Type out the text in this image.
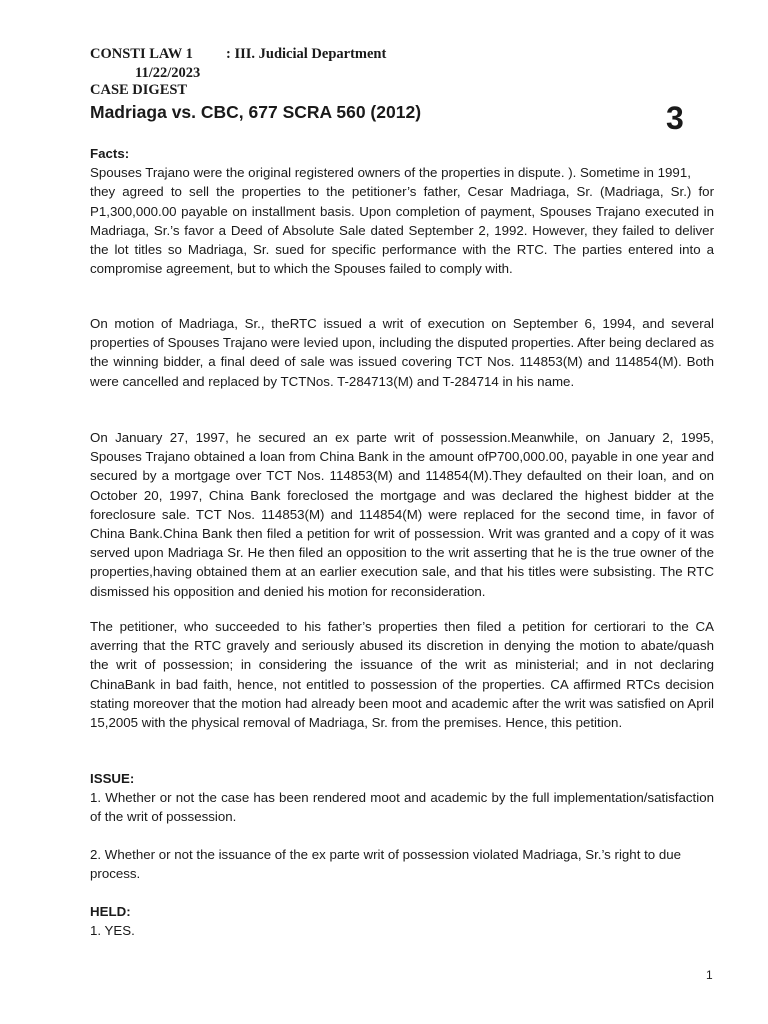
CONSTI LAW 1 : III. Judicial Department
11/22/2023
CASE DIGEST
Madriaga vs. CBC, 677 SCRA 560 (2012)	3

Facts:

Spouses Trajano were the original registered owners of the properties in dispute. ). Sometime in 1991,

they agreed to sell the properties to the petitioner’s father, Cesar Madriaga, Sr. (Madriaga, Sr.) for P1,300,000.00 payable on installment basis. Upon completion of payment, Spouses Trajano executed in Madriaga, Sr.’s favor a Deed of Absolute Sale dated September 2, 1992. However, they failed to deliver the lot titles so Madriaga, Sr. sued for specific performance with the RTC. The parties entered into a compromise agreement, but to which the Spouses failed to comply with.

On motion of Madriaga, Sr., theRTC issued a writ of execution on September 6, 1994, and several properties of Spouses Trajano were levied upon, including the disputed properties. After being declared as the winning bidder, a final deed of sale was issued covering TCT Nos. 114853(M) and 114854(M). Both were cancelled and replaced by TCTNos. T-284713(M) and T-284714 in his name.
On January 27, 1997, he secured an ex parte writ of possession.Meanwhile, on January 2, 1995, Spouses Trajano obtained a loan from China Bank in the amount ofP700,000.00, payable in one year and secured by a mortgage over TCT Nos. 114853(M) and 114854(M).They defaulted on their loan, and on October 20, 1997, China Bank foreclosed the mortgage and was declared the highest bidder at the foreclosure sale. TCT Nos. 114853(M) and 114854(M) were replaced for the second time, in favor of China Bank.China Bank then filed a petition for writ of possession. Writ was granted and a copy of it was served upon Madriaga Sr. He then filed an opposition to the writ asserting that he is the true owner of the properties,having obtained them at an earlier execution sale, and that his titles were subsisting. The RTC dismissed his opposition and denied his motion for reconsideration.
The petitioner, who succeeded to his father’s properties then filed a petition for certiorari to the CA averring that the RTC gravely and seriously abused its discretion in denying the motion to abate/quash the writ of possession; in considering the issuance of the writ as ministerial; and in not declaring ChinaBank in bad faith, hence, not entitled to possession of the properties. CA affirmed RTCs decision stating moreover that the motion had already been moot and academic after the writ was satisfied on April 15,2005 with the physical removal of Madriaga, Sr. from the premises. Hence, this petition.

ISSUE:

1. Whether or not the case has been rendered moot and academic by the full implementation/satisfaction of the writ of possession.

2. Whether or not the issuance of the ex parte writ of possession violated Madriaga, Sr.’s right to due process.

HELD:

1. YES.

1
